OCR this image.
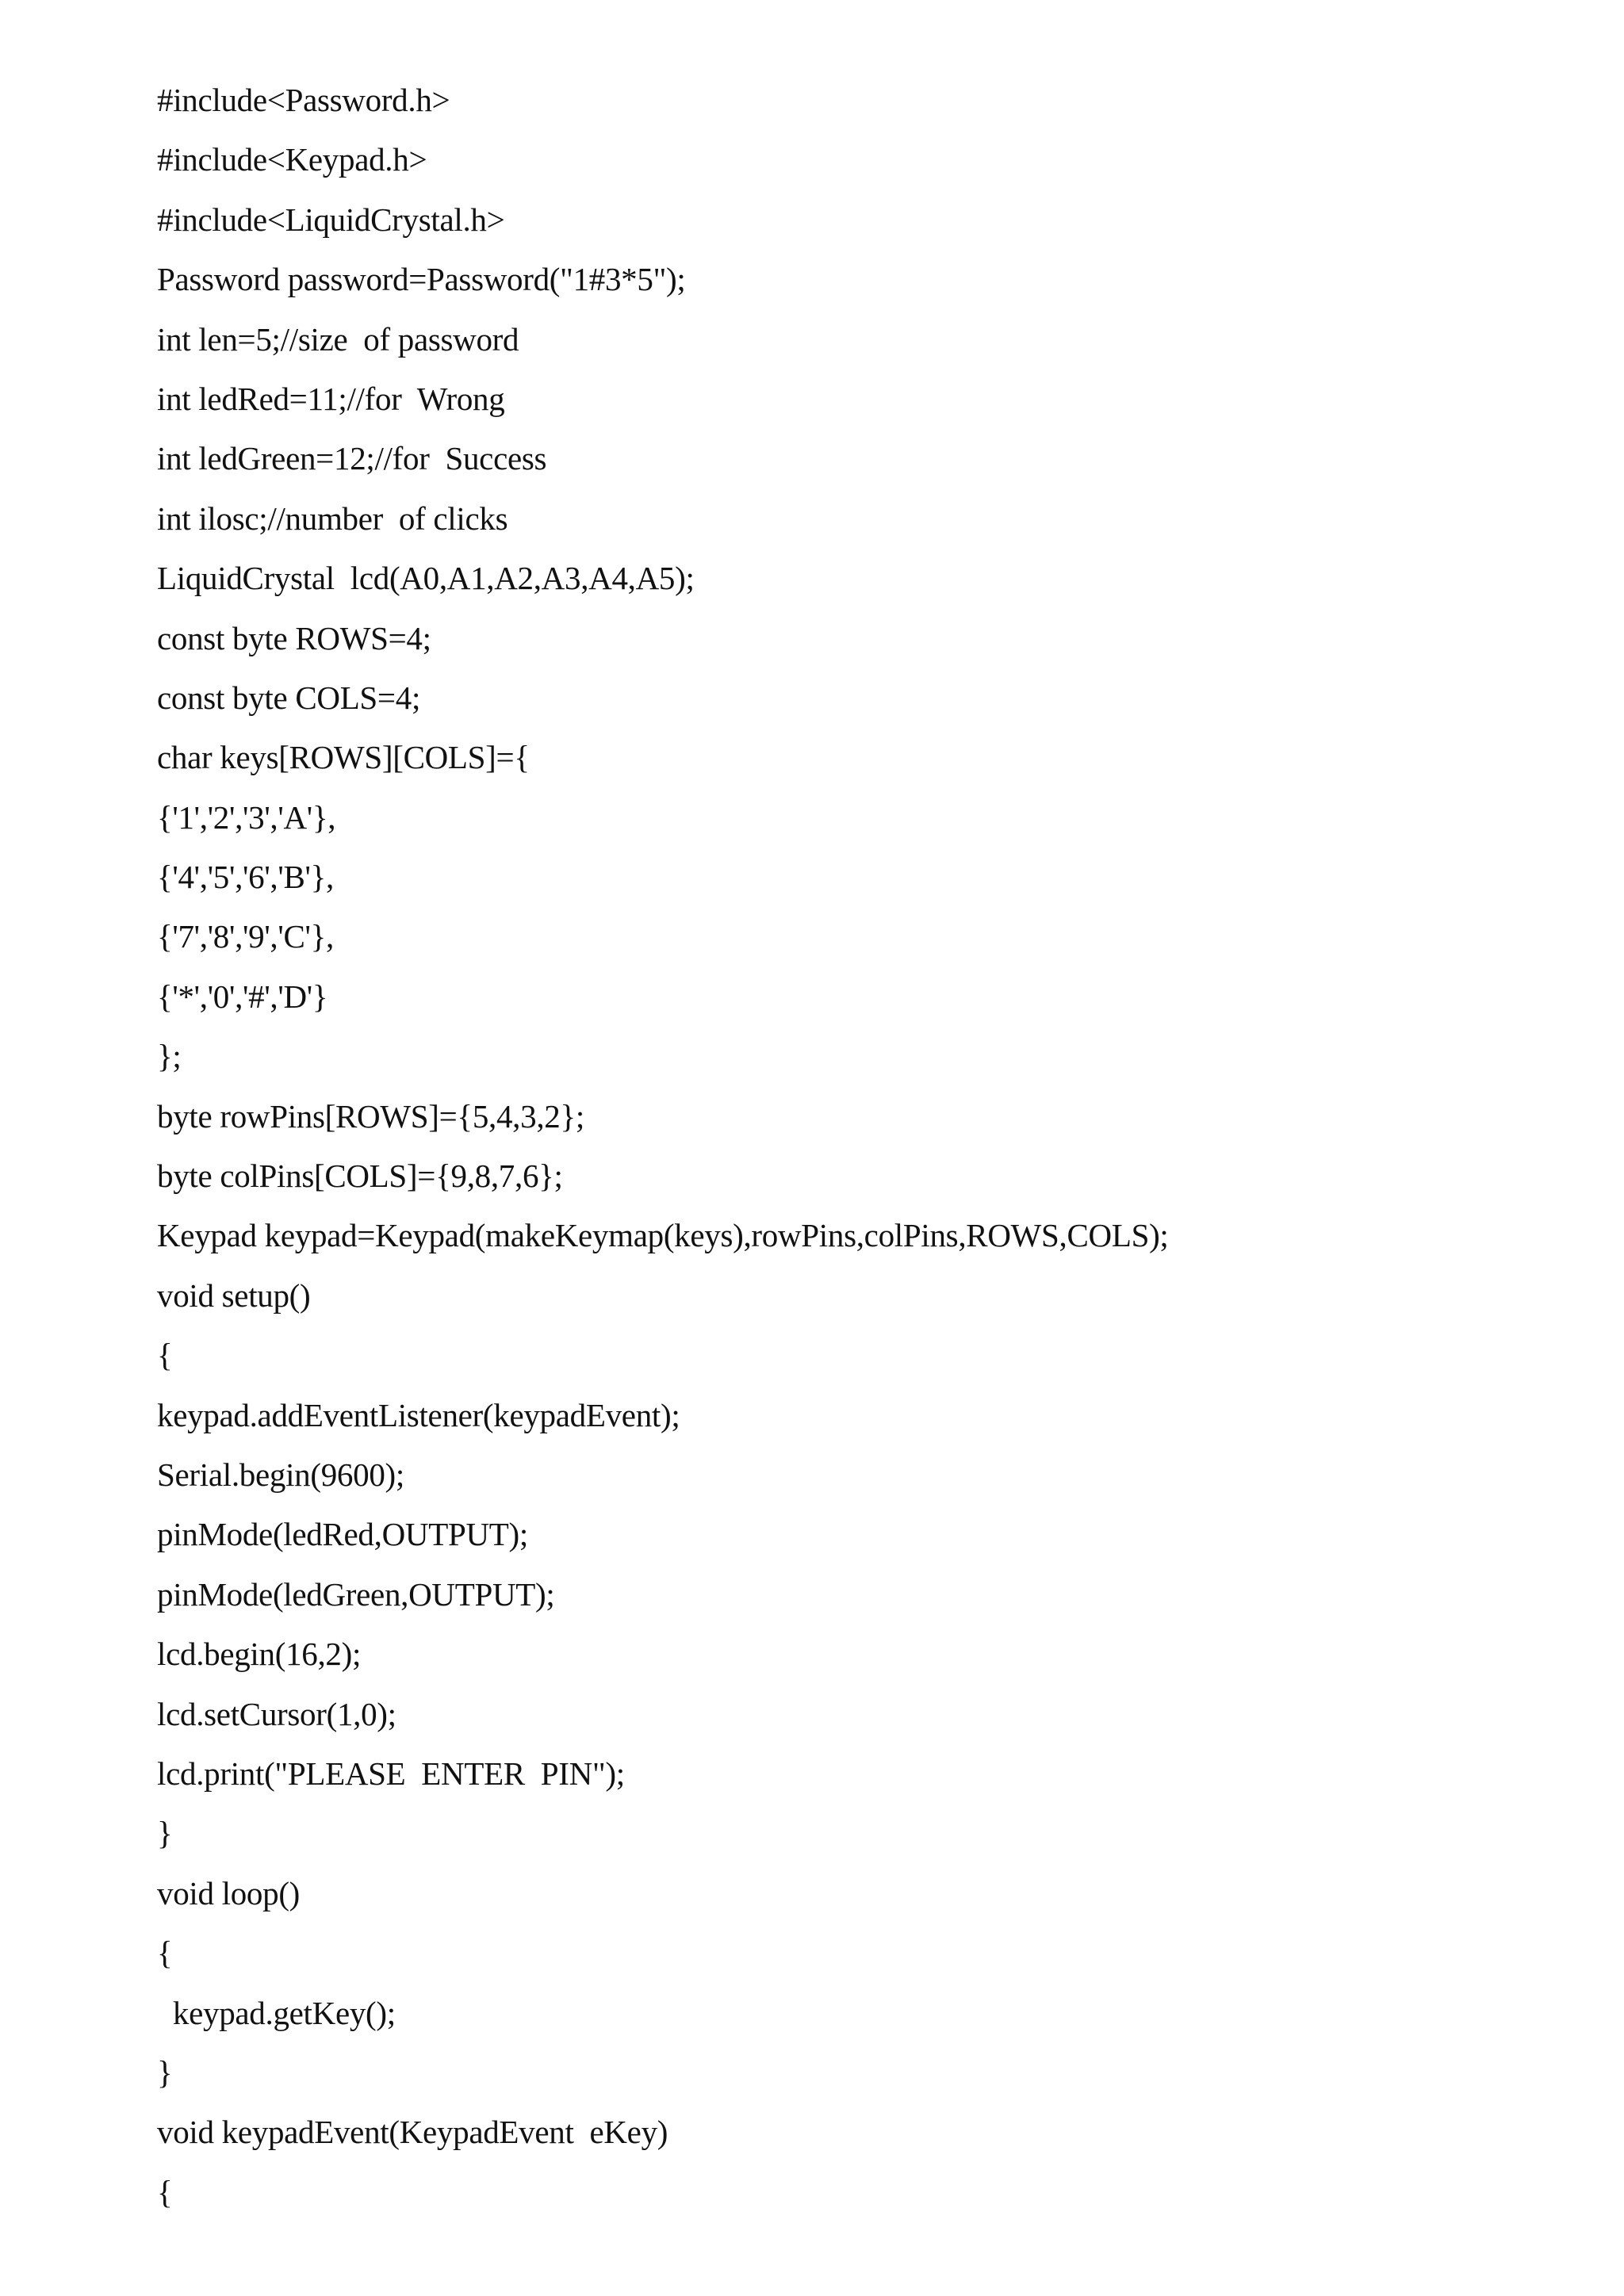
#include<Password.h>
#include<Keypad.h>
#include<LiquidCrystal.h>
Password password=Password("1#3*5");
int len=5;//size  of password
int ledRed=11;//for  Wrong
int ledGreen=12;//for  Success
int ilosc;//number  of clicks
LiquidCrystal  lcd(A0,A1,A2,A3,A4,A5);
const byte ROWS=4;
const byte COLS=4;
char keys[ROWS][COLS]={
{'1','2','3','A'},
{'4','5','6','B'},
{'7','8','9','C'},
{'*','0','#','D'}
};
byte rowPins[ROWS]={5,4,3,2};
byte colPins[COLS]={9,8,7,6};
Keypad keypad=Keypad(makeKeymap(keys),rowPins,colPins,ROWS,COLS);
void setup()
{
keypad.addEventListener(keypadEvent);
Serial.begin(9600);
pinMode(ledRed,OUTPUT);
pinMode(ledGreen,OUTPUT);
lcd.begin(16,2);
lcd.setCursor(1,0);
lcd.print("PLEASE  ENTER  PIN");
}
void loop()
{
keypad.getKey();
}
void keypadEvent(KeypadEvent  eKey)
{
